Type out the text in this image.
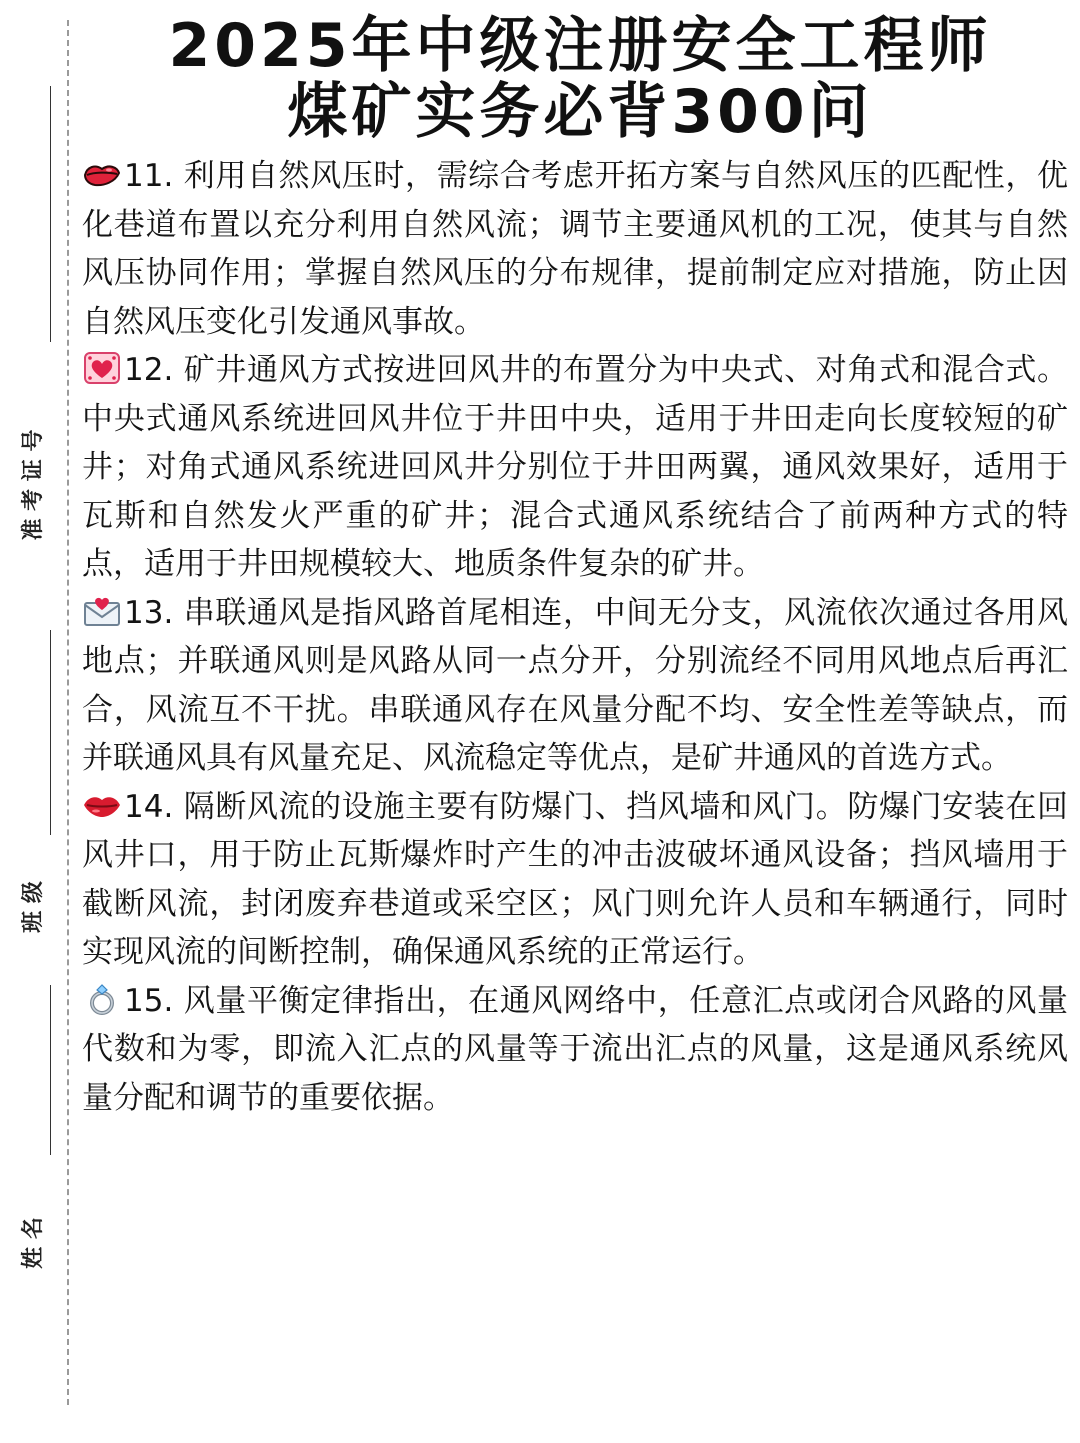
2025年中级注册安全工程师
煤矿实务必背300问
准 考 证 号
班 级
姓 名

11. 利用自然风压时，需综合考虑开拓方案与自然风压的匹配性，优化巷道布置以充分利用自然风流；调节主要通风机的工况，使其与自然风压协同作用；掌握自然风压的分布规律，提前制定应对措施，防止因自然风压变化引发通风事故。

12. 矿井通风方式按进回风井的布置分为中央式、对角式和混合式。中央式通风系统进回风井位于井田中央，适用于井田走向长度较短的矿井；对角式通风系统进回风井分别位于井田两翼，通风效果好，适用于瓦斯和自然发火严重的矿井；混合式通风系统结合了前两种方式的特点，适用于井田规模较大、地质条件复杂的矿井。

13. 串联通风是指风路首尾相连，中间无分支，风流依次通过各用风地点；并联通风则是风路从同一点分开，分别流经不同用风地点后再汇合，风流互不干扰。串联通风存在风量分配不均、安全性差等缺点，而并联通风具有风量充足、风流稳定等优点，是矿井通风的首选方式。

14. 隔断风流的设施主要有防爆门、挡风墙和风门。防爆门安装在回风井口，用于防止瓦斯爆炸时产生的冲击波破坏通风设备；挡风墙用于截断风流，封闭废弃巷道或采空区；风门则允许人员和车辆通行，同时实现风流的间断控制，确保通风系统的正常运行。

15. 风量平衡定律指出，在通风网络中，任意汇点或闭合风路的风量代数和为零，即流入汇点的风量等于流出汇点的风量，这是通风系统风量分配和调节的重要依据。
